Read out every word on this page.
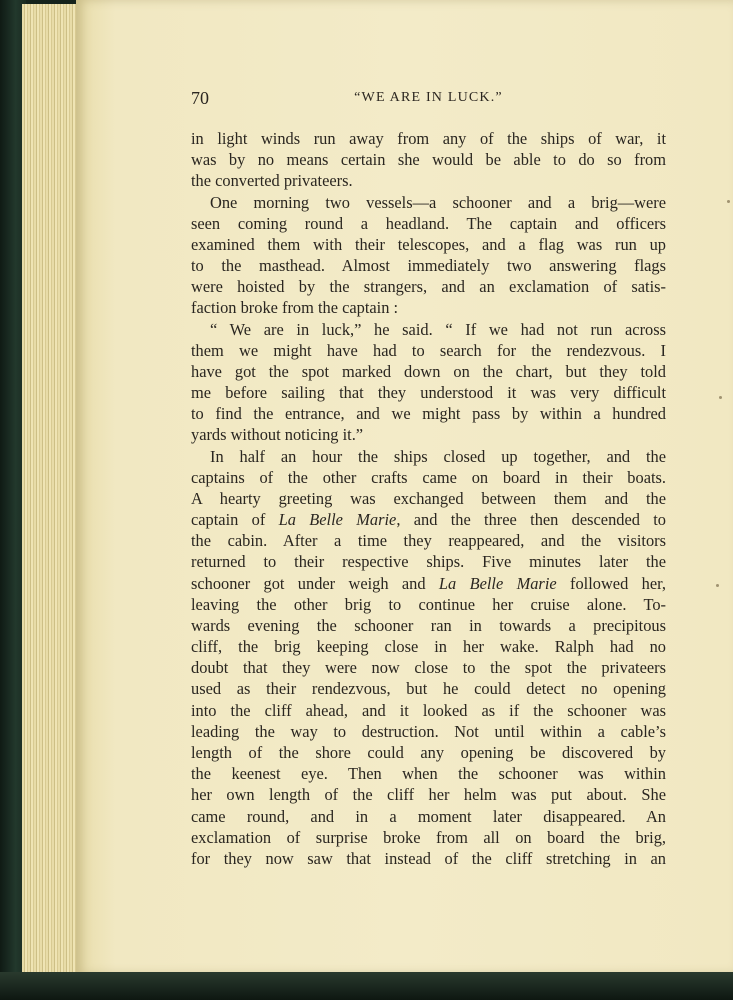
70	“WE ARE IN LUCK.”
in light winds run away from any of the ships of war, it
was by no means certain she would be able to do so from
the converted privateers.
One morning two vessels—a schooner and a brig—were
seen coming round a headland. The captain and officers
examined them with their telescopes, and a flag was run up
to the masthead. Almost immediately two answering flags
were hoisted by the strangers, and an exclamation of satis-
faction broke from the captain :
“ We are in luck,” he said. “ If we had not run across
them we might have had to search for the rendezvous. I
have got the spot marked down on the chart, but they told
me before sailing that they understood it was very difficult
to find the entrance, and we might pass by within a hundred
yards without noticing it.”
In half an hour the ships closed up together, and the
captains of the other crafts came on board in their boats.
A hearty greeting was exchanged between them and the
captain of La Belle Marie, and the three then descended to
the cabin. After a time they reappeared, and the visitors
returned to their respective ships. Five minutes later the
schooner got under weigh and La Belle Marie followed her,
leaving the other brig to continue her cruise alone. To-
wards evening the schooner ran in towards a precipitous
cliff, the brig keeping close in her wake. Ralph had no
doubt that they were now close to the spot the privateers
used as their rendezvous, but he could detect no opening
into the cliff ahead, and it looked as if the schooner was
leading the way to destruction. Not until within a cable’s
length of the shore could any opening be discovered by
the keenest eye. Then when the schooner was within
her own length of the cliff her helm was put about. She
came round, and in a moment later disappeared. An
exclamation of surprise broke from all on board the brig,
for they now saw that instead of the cliff stretching in an
